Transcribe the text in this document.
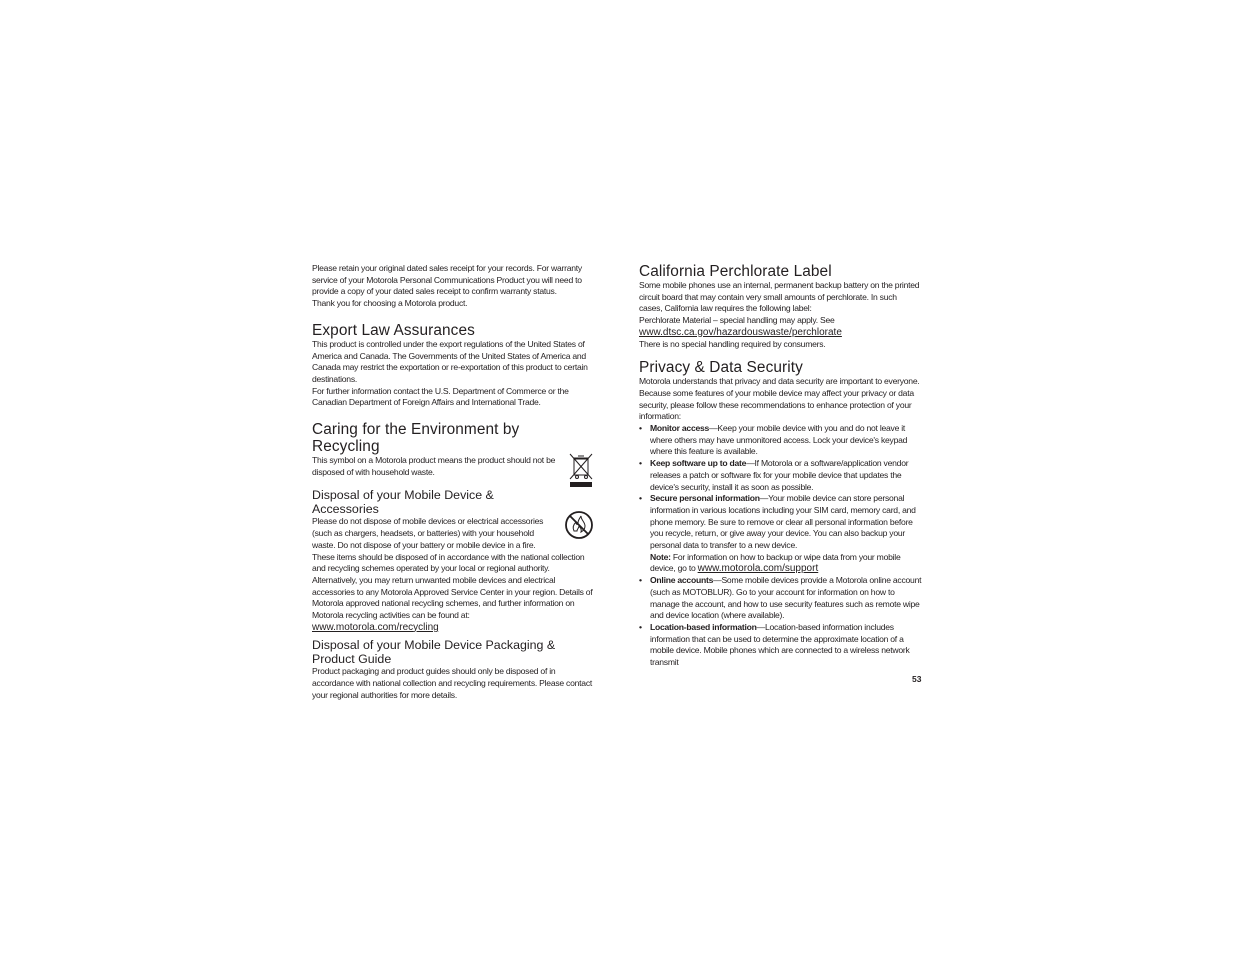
Please retain your original dated sales receipt for your records. For warranty service of your Motorola Personal Communications Product you will need to provide a copy of your dated sales receipt to confirm warranty status.

Thank you for choosing a Motorola product.

Export Law Assurances

This product is controlled under the export regulations of the United States of America and Canada. The Governments of the United States of America and Canada may restrict the exportation or re-exportation of this product to certain destinations.

For further information contact the U.S. Department of Commerce or the Canadian Department of Foreign Affairs and International Trade.

Caring for the Environment by Recycling

This symbol on a Motorola product means the product should not be disposed of with household waste.

Disposal of your Mobile Device & Accessories

Please do not dispose of mobile devices or electrical accessories (such as chargers, headsets, or batteries) with your household waste. Do not dispose of your battery or mobile device in a fire. These items should be disposed of in accordance with the national collection and recycling schemes operated by your local or regional authority. Alternatively, you may return unwanted mobile devices and electrical accessories to any Motorola Approved Service Center in your region. Details of Motorola approved national recycling schemes, and further information on Motorola recycling activities can be found at:

www.motorola.com/recycling
Disposal of your Mobile Device Packaging & Product Guide

Product packaging and product guides should only be disposed of in accordance with national collection and recycling requirements. Please contact your regional authorities for more details.

California Perchlorate Label

Some mobile phones use an internal, permanent backup battery on the printed circuit board that may contain very small amounts of perchlorate. In such cases, California law requires the following label:

Perchlorate Material – special handling may apply. See

www.dtsc.ca.gov/hazardouswaste/perchlorate

There is no special handling required by consumers.

Privacy & Data Security

Motorola understands that privacy and data security are important to everyone. Because some features of your mobile device may affect your privacy or data security, please follow these recommendations to enhance protection of your information:

• Monitor access—Keep your mobile device with you and do not leave it where others may have unmonitored access. Lock your device's keypad where this feature is available.
• Keep software up to date—If Motorola or a software/application vendor releases a patch or software fix for your mobile device that updates the device's security, install it as soon as possible.
• Secure personal information—Your mobile device can store personal information in various locations including your SIM card, memory card, and phone memory. Be sure to remove or clear all personal information before you recycle, return, or give away your device. You can also backup your personal data to transfer to a new device.
Note: For information on how to backup or wipe data from your mobile device, go to www.motorola.com/support
• Online accounts—Some mobile devices provide a Motorola online account (such as MOTOBLUR). Go to your account for information on how to manage the account, and how to use security features such as remote wipe and device location (where available).
• Location-based information—Location-based information includes information that can be used to determine the approximate location of a mobile device. Mobile phones which are connected to a wireless network transmit
53
